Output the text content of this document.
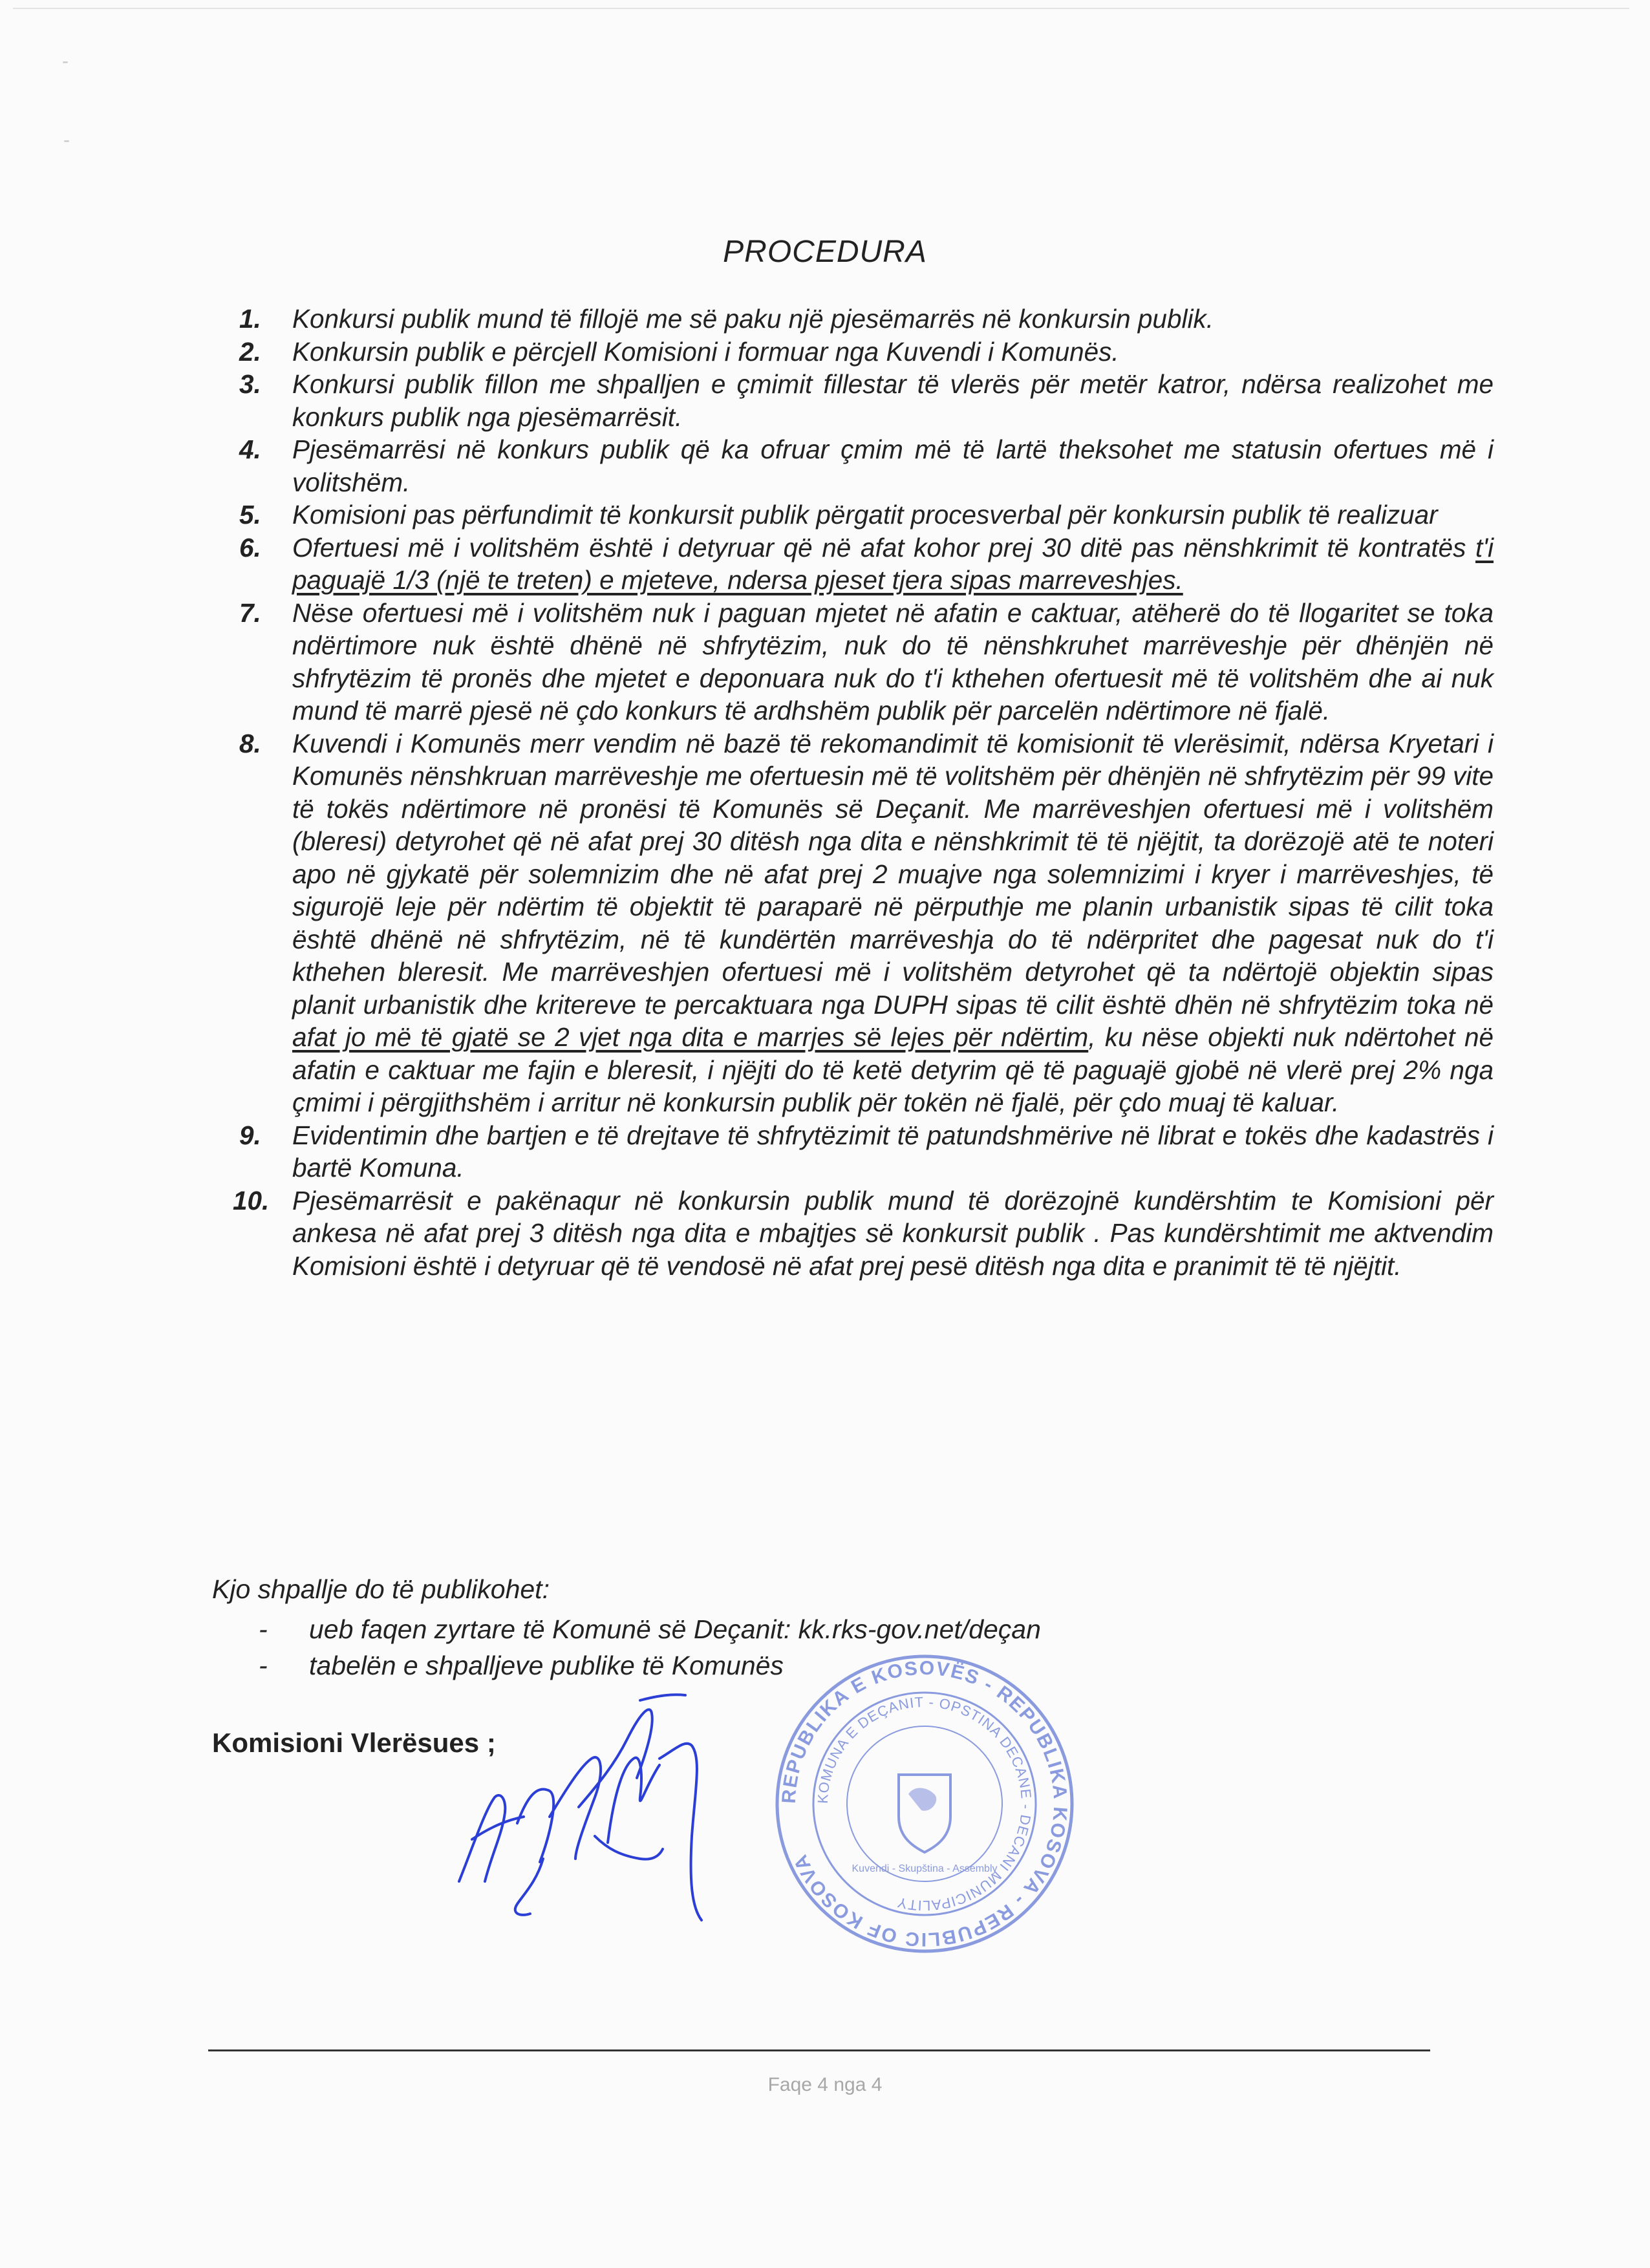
-
-
PROCEDURA
1.	Konkursi publik mund të fillojë me së paku një pjesëmarrës në konkursin publik.
2.	Konkursin publik e përcjell Komisioni i formuar nga Kuvendi i Komunës.
3.	Konkursi publik fillon me shpalljen e çmimit fillestar të vlerës për metër katror, ndërsa realizohet me konkurs publik nga pjesëmarrësit.
4.	Pjesëmarrësi në konkurs publik që ka ofruar çmim më të lartë theksohet me statusin ofertues më i volitshëm.
5.	Komisioni pas përfundimit të konkursit publik përgatit procesverbal për konkursin publik të realizuar
6.	Ofertuesi më i volitshëm është i detyruar që në afat kohor prej 30 ditë pas nënshkrimit të kontratës t'i paguajë 1/3 (një te treten) e mjeteve, ndersa pjeset tjera sipas marreveshjes.
7.	Nëse ofertuesi më i volitshëm nuk i paguan mjetet në afatin e caktuar, atëherë do të llogaritet se toka ndërtimore nuk është dhënë në shfrytëzim, nuk do të nënshkruhet marrëveshje për dhënjën në shfrytëzim të pronës dhe mjetet e deponuara nuk do t'i kthehen ofertuesit më të volitshëm dhe ai nuk mund të marrë pjesë në çdo konkurs të ardhshëm publik për parcelën ndërtimore në fjalë.
8.	Kuvendi i Komunës merr vendim në bazë të rekomandimit të komisionit të vlerësimit, ndërsa Kryetari i Komunës nënshkruan marrëveshje me ofertuesin më të volitshëm për dhënjën në shfrytëzim për 99 vite të tokës ndërtimore në pronësi të Komunës së Deçanit. Me marrëveshjen ofertuesi më i volitshëm (bleresi) detyrohet që në afat prej 30 ditësh nga dita e nënshkrimit të të njëjtit, ta dorëzojë atë te noteri apo në gjykatë për solemnizim dhe në afat prej 2 muajve nga solemnizimi i kryer i marrëveshjes, të sigurojë leje për ndërtim të objektit të paraparë në përputhje me planin urbanistik sipas të cilit toka është dhënë në shfrytëzim, në të kundërtën marrëveshja do të ndërpritet dhe pagesat nuk do t'i kthehen bleresit. Me marrëveshjen ofertuesi më i volitshëm detyrohet që ta ndërtojë objektin sipas planit urbanistik dhe kritereve te percaktuara nga DUPH sipas të cilit është dhën në shfrytëzim toka në afat jo më të gjatë se 2 vjet nga dita e marrjes së lejes për ndërtim, ku nëse objekti nuk ndërtohet në afatin e caktuar me fajin e bleresit, i njëjti do të ketë detyrim që të paguajë gjobë në vlerë prej 2% nga çmimi i përgjithshëm i arritur në konkursin publik për tokën në fjalë, për çdo muaj të kaluar.
9.	Evidentimin dhe bartjen e të drejtave të shfrytëzimit të patundshmërive në librat e tokës dhe kadastrës i bartë Komuna.
10. Pjesëmarrësit e pakënaqur në konkursin publik mund të dorëzojnë kundërshtim te Komisioni për ankesa në afat prej 3 ditësh nga dita e mbajtjes së konkursit publik . Pas kundërshtimit me aktvendim Komisioni është i detyruar që të vendosë në afat prej pesë ditësh nga dita e pranimit të të njëjtit.
Kjo shpallje do të publikohet:
- ueb faqen zyrtare të Komunë së Deçanit: kk.rks-gov.net/deçan
- tabelën e shpalljeve publike të Komunës
Komisioni Vlerësues ;
REPUBLIKA E KOSOVËS - REPUBLIKA KOSOVA - REPUBLIC OF KOSOVA
KOMUNA E DEÇANIT - OPSTINA DECANE - DECANI MUNICIPALITY
Kuvendi - Skupština - Assembly
Faqe 4 nga 4
